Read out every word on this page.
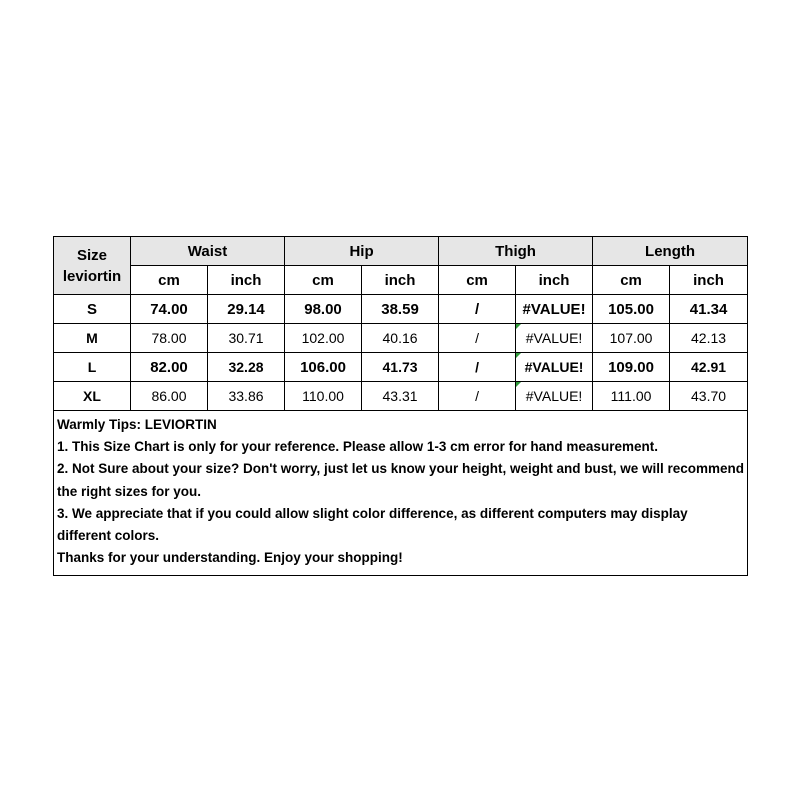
Size
leviortin	Waist		Hip		Thigh		Length	
	cm	inch	cm	inch	cm	inch	cm	inch
S	74.00	29.14	98.00	38.59	/	#VALUE!	105.00	41.34
M	78.00	30.71	102.00	40.16	/	#VALUE!	107.00	42.13
L	82.00	32.28	106.00	41.73	/	#VALUE!	109.00	42.91
XL	86.00	33.86	110.00	43.31	/	#VALUE!	111.00	43.70

Warmly Tips: LEVIORTIN
1. This Size Chart is only for your reference. Please allow 1-3 cm error for hand measurement.
2. Not Sure about your size? Don't worry, just let us know your height, weight and bust, we will recommend the right sizes for you.
3. We appreciate that if you could allow slight color difference, as different computers may display different colors.
Thanks for your understanding. Enjoy your shopping!								
